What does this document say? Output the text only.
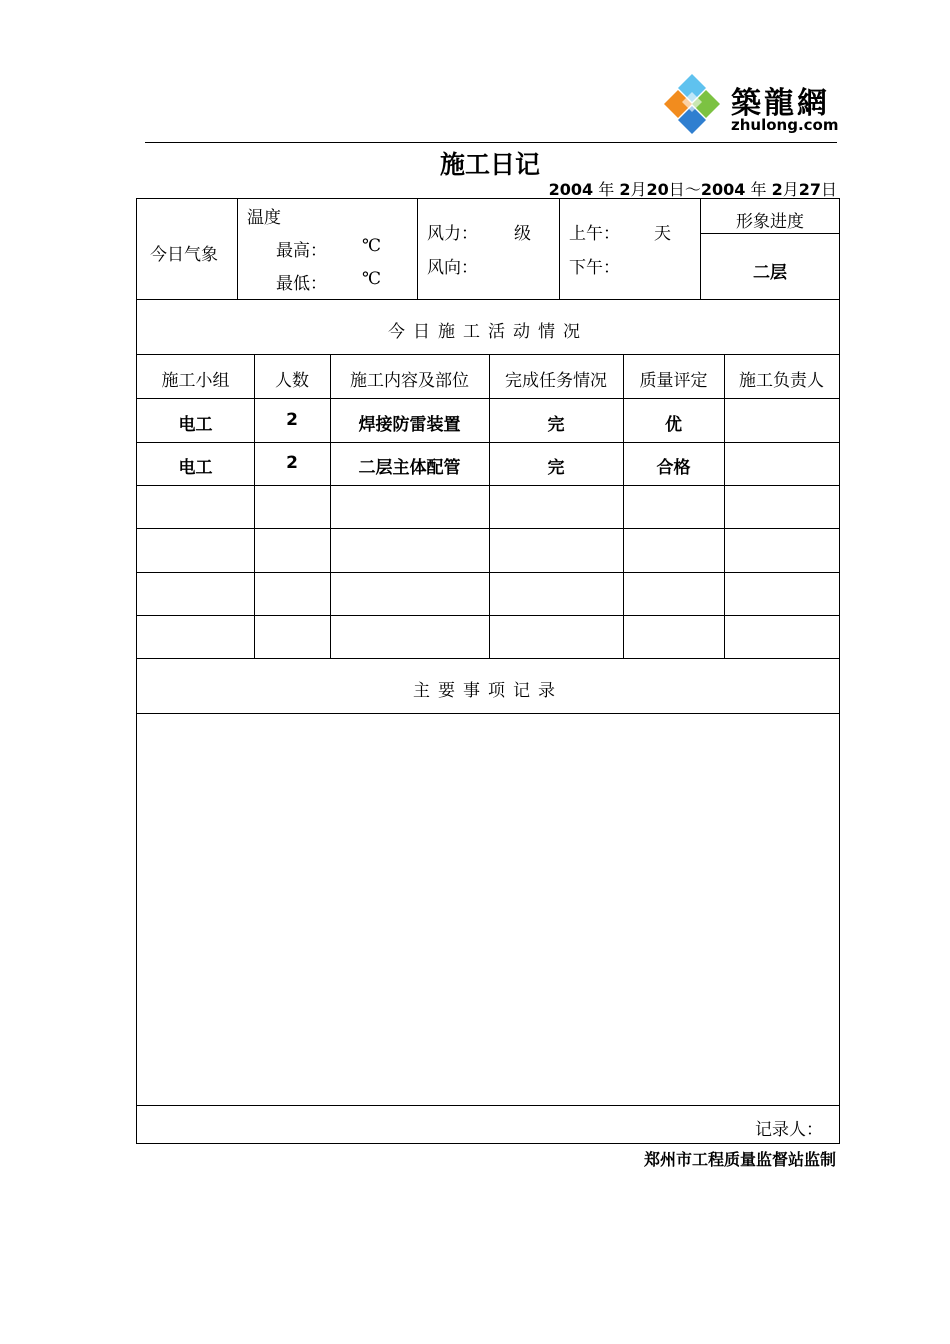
築龍網
zhulong.com
施工日记
2004 年 2月20日～2004 年 2月27日
今日气象
温度
最高： ℃
最低： ℃
风力： 级
风向：
上午： 天
下午：
形象进度
二层
今日施工活动情况
施工小组	人数	施工内容及部位	完成任务情况	质量评定	施工负责人
电工	2	焊接防雷装置	完	优
电工	2	二层主体配管	完	合格
主要事项记录
记录人：
郑州市工程质量监督站监制
